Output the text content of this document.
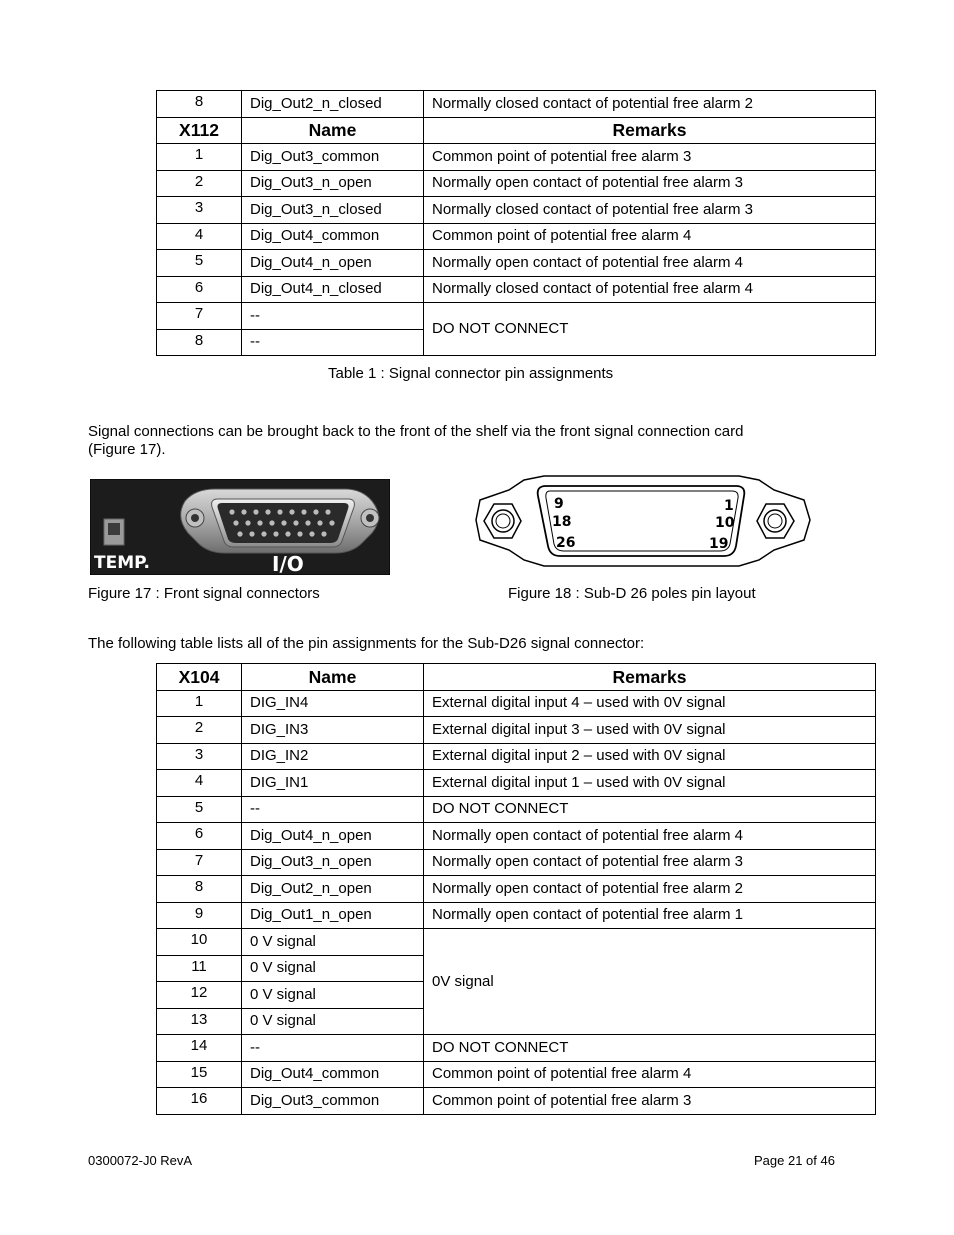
8	Dig_Out2_n_closed	Normally closed contact of potential free alarm 2
X112	Name	Remarks
1	Dig_Out3_common	Common point of potential free alarm 3
2	Dig_Out3_n_open	Normally open contact of potential free alarm 3
3	Dig_Out3_n_closed	Normally closed contact of potential free alarm 3
4	Dig_Out4_common	Common point of potential free alarm 4
5	Dig_Out4_n_open	Normally open contact of potential free alarm 4
6	Dig_Out4_n_closed	Normally closed contact of potential free alarm 4
7	--	DO NOT CONNECT
8	--	
Table 1 : Signal connector pin assignments
Signal connections can be brought back to the front of the shelf via the front signal connection card (Figure 17).
TEMP.	I/O
Figure 17 : Front signal connectors
9
18
26
1
10
19
Figure 18 : Sub-D 26 poles pin layout
The following table lists all of the pin assignments for the Sub-D26 signal connector:
X104	Name	Remarks
1	DIG_IN4	External digital input 4 – used with 0V signal
2	DIG_IN3	External digital input 3 – used with 0V signal
3	DIG_IN2	External digital input 2 – used with 0V signal
4	DIG_IN1	External digital input 1 – used with 0V signal
5	--	DO NOT CONNECT
6	Dig_Out4_n_open	Normally open contact of potential free alarm 4
7	Dig_Out3_n_open	Normally open contact of potential free alarm 3
8	Dig_Out2_n_open	Normally open contact of potential free alarm 2
9	Dig_Out1_n_open	Normally open contact of potential free alarm 1
10	0 V signal	0V signal
11	0 V signal	
12	0 V signal	
13	0 V signal	
14	--	DO NOT CONNECT
15	Dig_Out4_common	Common point of potential free alarm 4
16	Dig_Out3_common	Common point of potential free alarm 3
0300072-J0 RevA	Page 21 of 46
